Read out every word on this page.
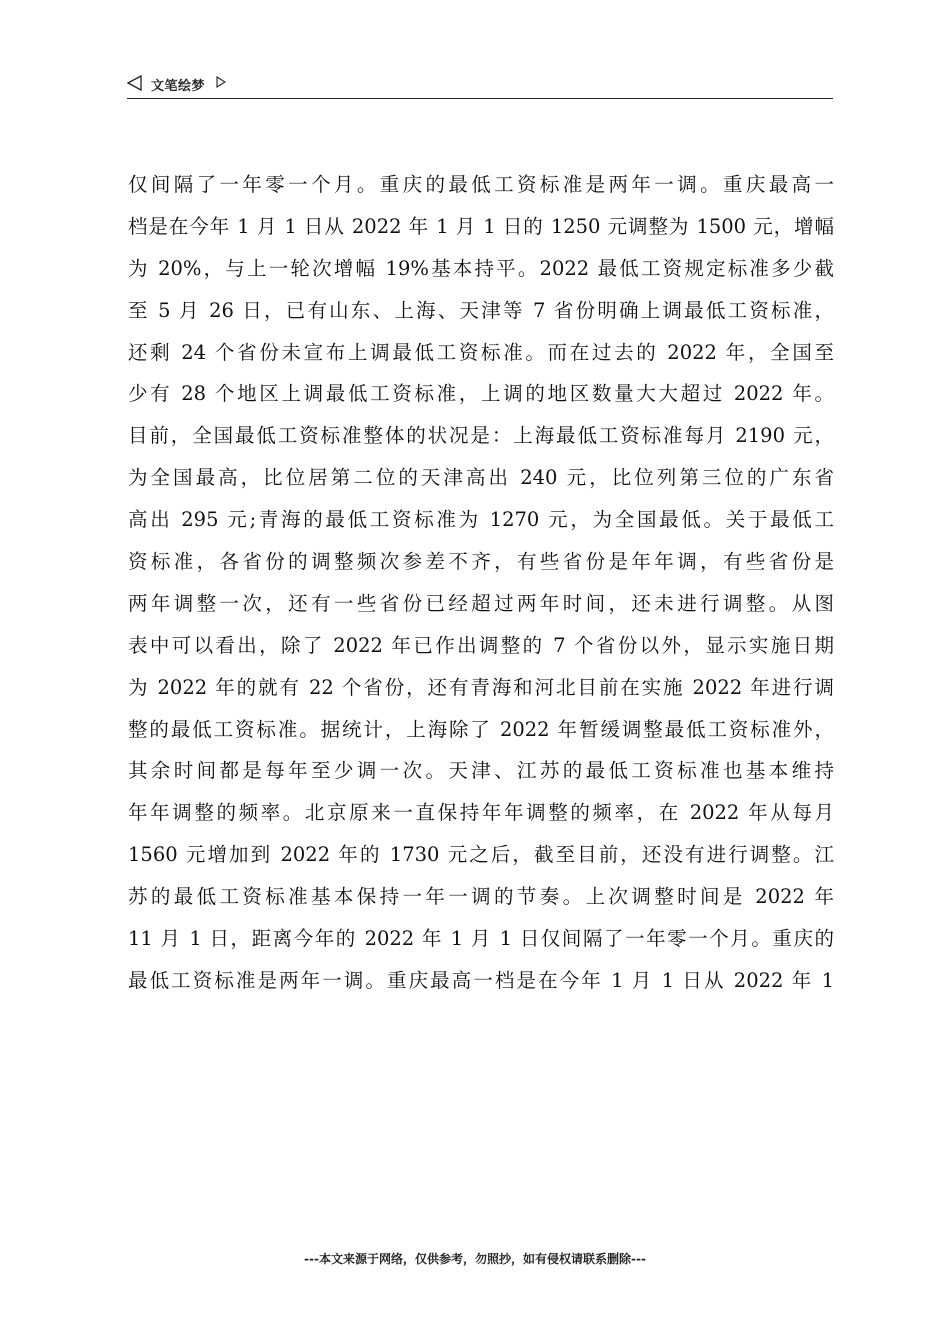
文笔绘梦
仅间隔了一年零一个月。重庆的最低工资标准是两年一调。重庆最高一
档是在今年 1 月 1 日从 2022 年 1 月 1 日的 1250 元调整为 1500 元，增幅
为 20%，与上一轮次增幅 19%基本持平。2022 最低工资规定标准多少截
至 5 月 26 日，已有山东、上海、天津等 7 省份明确上调最低工资标准，
还剩 24 个省份未宣布上调最低工资标准。而在过去的 2022 年，全国至
少有 28 个地区上调最低工资标准，上调的地区数量大大超过 2022 年。
目前，全国最低工资标准整体的状况是：上海最低工资标准每月 2190 元，
为全国最高，比位居第二位的天津高出 240 元，比位列第三位的广东省
高出 295 元;青海的最低工资标准为 1270 元，为全国最低。关于最低工
资标准，各省份的调整频次参差不齐，有些省份是年年调，有些省份是
两年调整一次，还有一些省份已经超过两年时间，还未进行调整。从图
表中可以看出，除了 2022 年已作出调整的 7 个省份以外，显示实施日期
为 2022 年的就有 22 个省份，还有青海和河北目前在实施 2022 年进行调
整的最低工资标准。据统计，上海除了 2022 年暂缓调整最低工资标准外，
其余时间都是每年至少调一次。天津、江苏的最低工资标准也基本维持
年年调整的频率。北京原来一直保持年年调整的频率，在 2022 年从每月
1560 元增加到 2022 年的 1730 元之后，截至目前，还没有进行调整。江
苏的最低工资标准基本保持一年一调的节奏。上次调整时间是 2022 年
11 月 1 日，距离今年的 2022 年 1 月 1 日仅间隔了一年零一个月。重庆的
最低工资标准是两年一调。重庆最高一档是在今年 1 月 1 日从 2022 年 1
---本文来源于网络，仅供参考，勿照抄，如有侵权请联系删除---
